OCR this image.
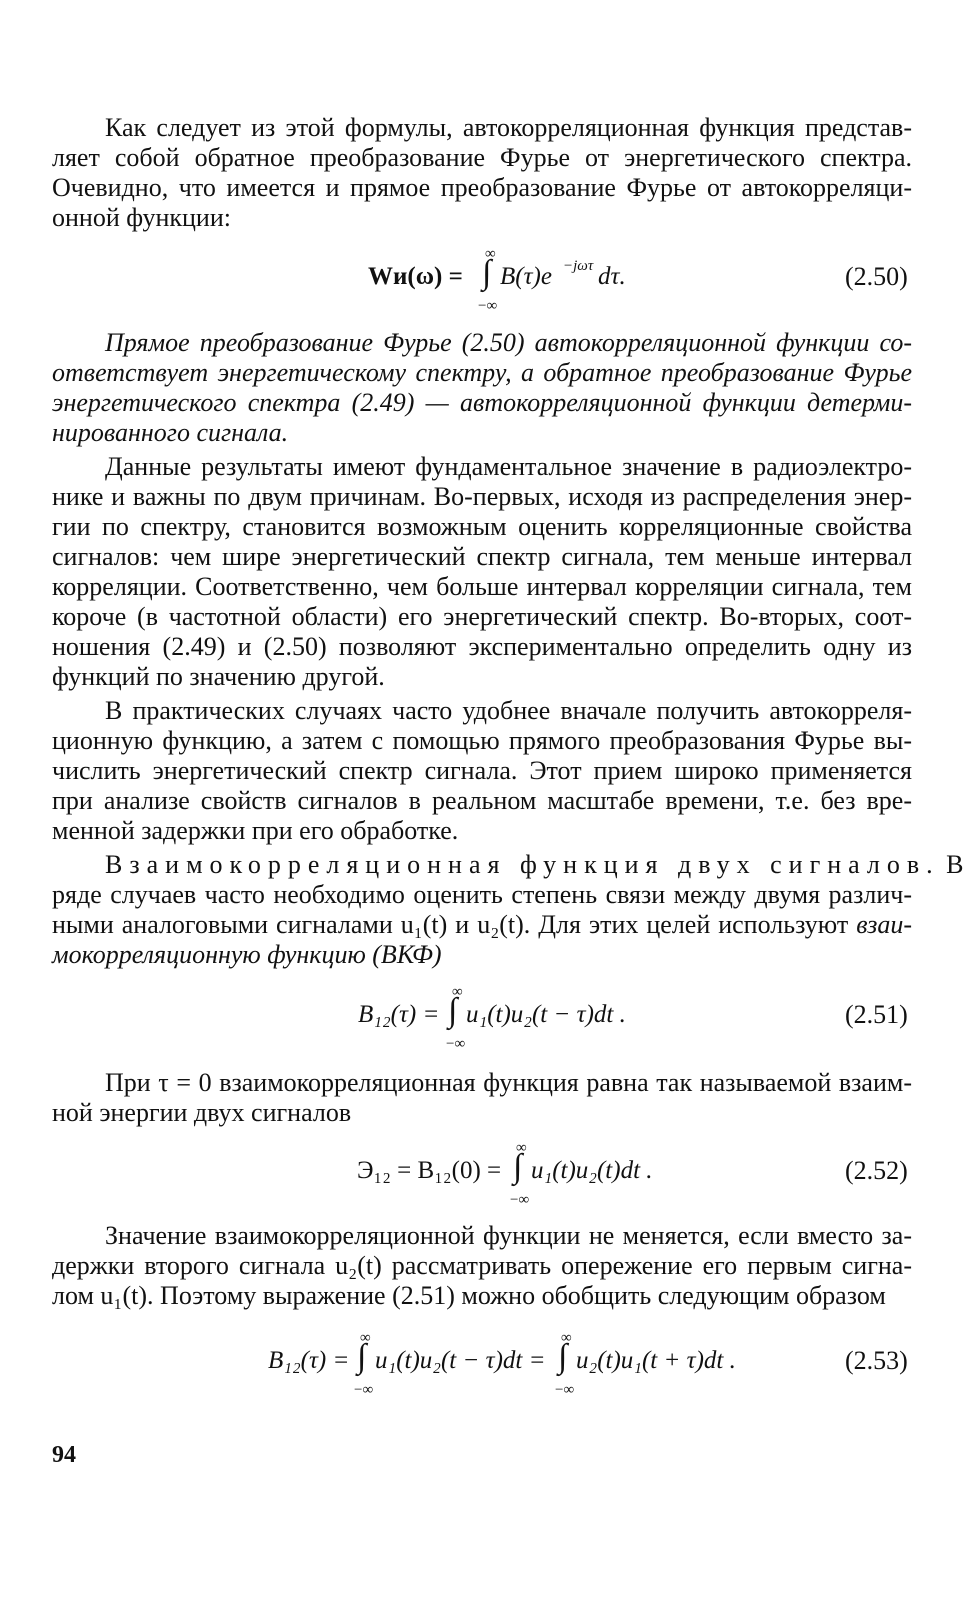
Как следует из этой формулы, автокорреляционная функция представ-
ляет собой обратное преобразование Фурье от энергетического спектра.
Очевидно, что имеется и прямое преобразование Фурье от автокорреляци-
онной функции:
Wи(ω) = ∫
∞
−∞
B(τ)e −jωτ dτ.	(2.50)
Прямое преобразование Фурье (2.50) автокорреляционной функции со-
ответствует энергетическому спектру, а обратное преобразование Фурье
энергетического спектра (2.49) — автокорреляционной функции детерми-
нированного сигнала.
Данные результаты имеют фундаментальное значение в радиоэлектро-
нике и важны по двум причинам. Во-первых, исходя из распределения энер-
гии по спектру, становится возможным оценить корреляционные свойства
сигналов: чем шире энергетический спектр сигнала, тем меньше интервал
корреляции. Соответственно, чем больше интервал корреляции сигнала, тем
короче (в частотной области) его энергетический спектр. Во-вторых, соот-
ношения (2.49) и (2.50) позволяют экспериментально определить одну из
функций по значению другой.
В практических случаях часто удобнее вначале получить автокорреля-
ционную функцию, а затем с помощью прямого преобразования Фурье вы-
числить энергетический спектр сигнала. Этот прием широко применяется
при анализе свойств сигналов в реальном масштабе времени, т.е. без вре-
менной задержки при его обработке.
Взаимокорреляционная функция двух сигналов. В
ряде случаев часто необходимо оценить степень связи между двумя различ-
ными аналоговыми сигналами u₁(t) и u₂(t). Для этих целей используют взаи-
мокорреляционную функцию (ВКФ)
B₁₂(τ) = ∫
∞
−∞
u₁(t)u₂(t − τ)dt .	(2.51)
При τ = 0 взаимокорреляционная функция равна так называемой взаим-
ной энергии двух сигналов
Э₁₂ = B₁₂(0) = ∫
∞
−∞
u₁(t)u₂(t)dt .	(2.52)
Значение взаимокорреляционной функции не меняется, если вместо за-
держки второго сигнала u₂(t) рассматривать опережение его первым сигна-
лом u₁(t). Поэтому выражение (2.51) можно обобщить следующим образом
B₁₂(τ) = ∫
∞
−∞
u₁(t)u₂(t − τ)dt = ∫
∞
−∞
u₂(t)u₁(t + τ)dt .	(2.53)
94
